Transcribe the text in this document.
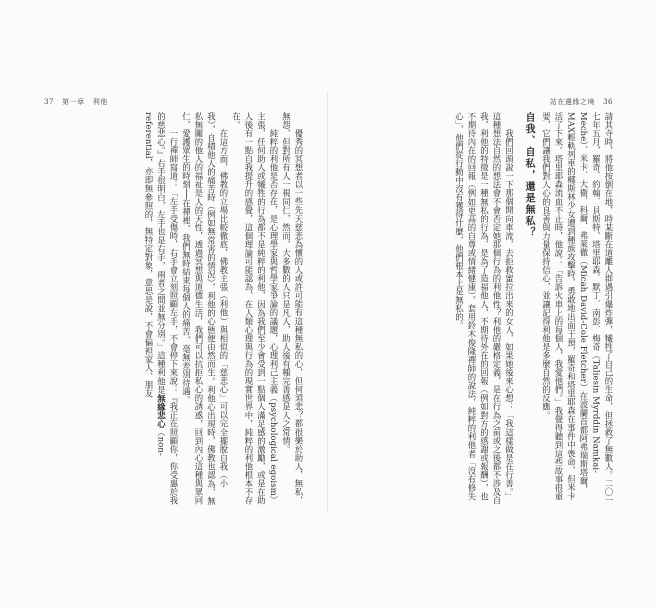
37 第一章 利他	站在邊緣之境 36

請其寺時，將他按倒在地，時某斷在道離人群遇引爆炸彈，犧牲了自己的生命，但拯救了無數人。二〇一七年五月，羅奇．約翰．貝斯特、塔里耶森．默丁．南彭．梅奇（Taliesin Myrddin Namkai-Meche）、米卡．大衛．科爾．弗萊徹（Micah David-Cole Fletcher）在波蘭首都阿弗瑞斯塔爾，MAX輕軌列車的椰斯林少女遭到種族攻擊時，勇敢地出面干預，羅奇和塔里耶森在事件中喪命，但米卡活了下來。塔里耶森流血不止時，他說：「告訴火車上的每個人，我愛他們。」我覺得聽到這些故事很重要，它們讓我們對人心的良善與力量保持信心，並讓記得利他是多麼自然的反應。

自我、自私，還是無私？

我們回頭說一下那個開向車流，去拒救蜜拉出來的女人，如果她後來心想：「我這樣做是在行善。」這種想法自然的想法會不會否定她那個行為的利他性？利他的嚴格定義，是在行為之前或之後都不涉及自我，利他的特徵是一種無私的行為，是為了造福他人，不期待外在的回報（例如對方的感謝或報酬），也不期待內在的回報（例如更高的自尊或情緒健康）。套用鈴木俊隆禪師的說法，純粹的利他者「沒有修失心」，他們從行動中沒有獲得什麼，他們根本上是無私的。

優秀的冥想者以一些先天慈悲為懷的人或許可能有這種無私的心，但何須悲？都很樂於助人，無私，無怨，但對所有人一視同仁，然而，大多數的人只是凡人，助人後有種完善感是人之常情。

純粹的利他是否存在，是心理學家與哲學家爭論的議題，心理利己主義（psychological egoism）主張，任何助人或犧牲的行為都不是純粹的利他，因為我們至少會受到一點個人滿足感的激勵，或是在助人後有一點自我提升的感覺，這個理論可能認為，在人類心理與行為的現實世界中，純粹的利他根本不存在。

在這方面，佛教的立場比較徹底，佛教主張（利他）與相似的「慈悲心」可以完全擺脫自我（小我），自積他人的痛苦時（例如無常害的情況），利他的心態便由然而生。利他心出現時，佛教也認為，無私無關的他人的福祉是人的天性，透過冥想與道德生活，我們可以抗拒私心的誘惑，回到內心這種與眾同仁，愛護眾生的時刻──在禪裡，我們無時結束每個人的痛苦，毫無差別待遇。

一行禪師寫道：「左手受傷時，右手會立刻照顧左手，不會停下來說：『我正在照顧你，你受惠於我的慈悲心。』右手很明白，左手也是右手，兩者之間並無分別。」這種利他是無緣悲心（non-referential，亦即無參照的，無特定對象，意思是說，不會偏袒家人、朋友
